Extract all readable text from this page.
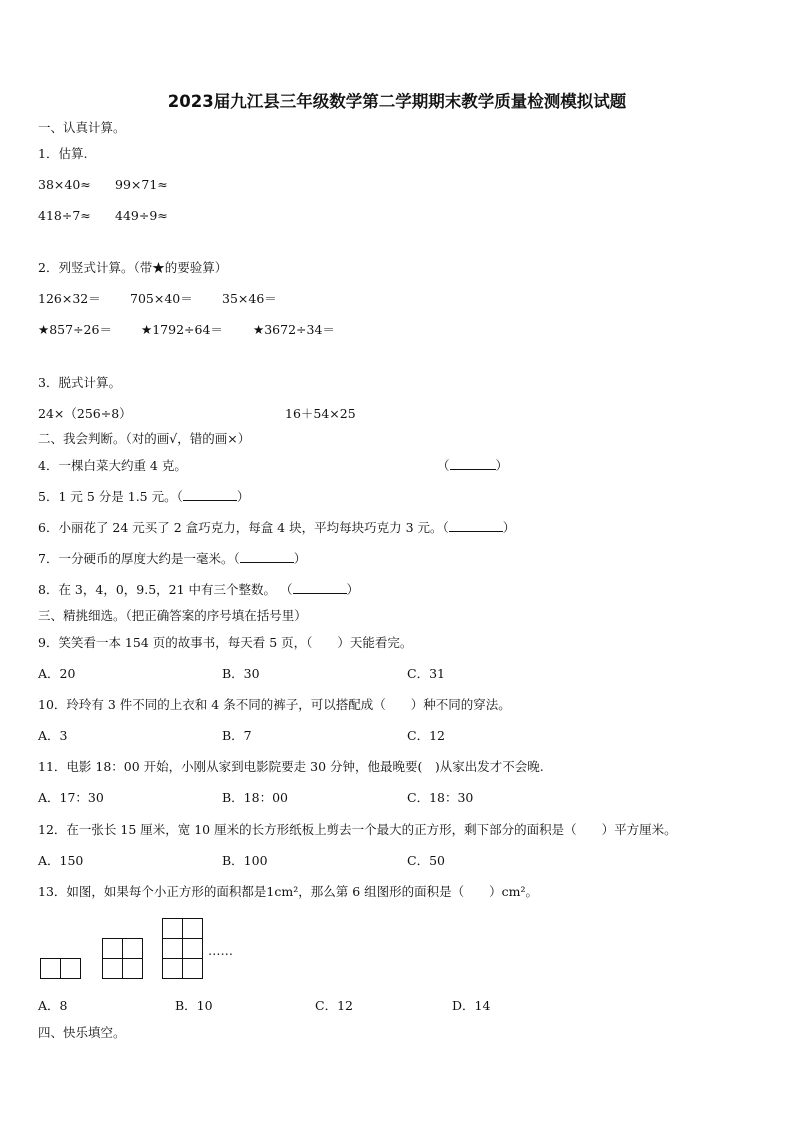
2023届九江县三年级数学第二学期期末教学质量检测模拟试题
一、认真计算。
1．估算.
38×40≈ 99×71≈
418÷7≈ 449÷9≈
2．列竖式计算。（带★的要验算）
126×32＝ 705×40＝ 35×46＝
★857÷26＝ ★1792÷64＝ ★3672÷34＝
3．脱式计算。
24×（256÷8）	16＋54×25
二、我会判断。（对的画√，错的画×）
4．一棵白菜大约重 4 克。	（	）
5．1 元 5 分是 1.5 元。（	）
6．小丽花了 24 元买了 2 盒巧克力，每盒 4 块，平均每块巧克力 3 元。（	）
7．一分硬币的厚度大约是一毫米。（	）
8．在 3，4，0，9.5，21 中有三个整数。 （	）
三、精挑细选。（把正确答案的序号填在括号里）
9．笑笑看一本 154 页的故事书，每天看 5 页，（　　）天能看完。
A．20	B．30	C．31
10．玲玲有 3 件不同的上衣和 4 条不同的裤子，可以搭配成（　　）种不同的穿法。
A．3	B．7	C．12
11．电影 18：00 开始，小刚从家到电影院要走 30 分钟，他最晚要(　)从家出发才不会晚.
A．17：30	B．18：00	C．18：30
12．在一张长 15 厘米，宽 10 厘米的长方形纸板上剪去一个最大的正方形，剩下部分的面积是（　　）平方厘米。
A．150	B．100	C．50
13．如图，如果每个小正方形的面积都是1cm²，那么第 6 组图形的面积是（　　）cm²。
……
A．8	B．10	C．12	D．14
四、快乐填空。
